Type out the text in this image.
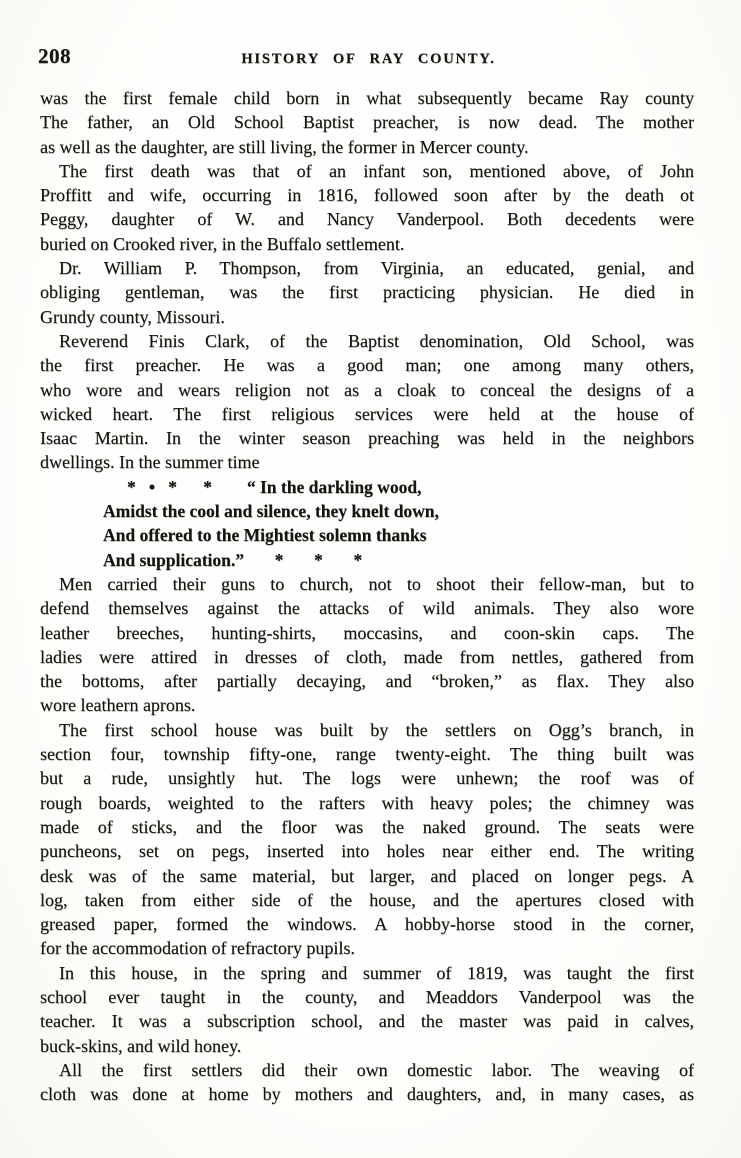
208	HISTORY OF RAY COUNTY.
was the first female child born in what subsequently became Ray county
The father, an Old School Baptist preacher, is now dead. The mother
as well as the daughter, are still living, the former in Mercer county.
The first death was that of an infant son, mentioned above, of John
Proffitt and wife, occurring in 1816, followed soon after by the death ot
Peggy, daughter of W. and Nancy Vanderpool. Both decedents were
buried on Crooked river, in the Buffalo settlement.
Dr. William P. Thompson, from Virginia, an educated, genial, and
obliging gentleman, was the first practicing physician. He died in
Grundy county, Missouri.
Reverend Finis Clark, of the Baptist denomination, Old School, was
the first preacher. He was a good man; one among many others,
who wore and wears religion not as a cloak to conceal the designs of a
wicked heart. The first religious services were held at the house of
Isaac Martin. In the winter season preaching was held in the neighbors
dwellings. In the summer time
*   •   *      *        “ In the darkling wood,
Amidst the cool and silence, they knelt down,
And offered to the Mightiest solemn thanks
And supplication.”       *       *       *
Men carried their guns to church, not to shoot their fellow-man, but to
defend themselves against the attacks of wild animals. They also wore
leather breeches, hunting-shirts, moccasins, and coon-skin caps. The
ladies were attired in dresses of cloth, made from nettles, gathered from
the bottoms, after partially decaying, and “broken,” as flax. They also
wore leathern aprons.
The first school house was built by the settlers on Ogg’s branch, in
section four, township fifty-one, range twenty-eight. The thing built was
but a rude, unsightly hut. The logs were unhewn; the roof was of
rough boards, weighted to the rafters with heavy poles; the chimney was
made of sticks, and the floor was the naked ground. The seats were
puncheons, set on pegs, inserted into holes near either end. The writing
desk was of the same material, but larger, and placed on longer pegs. A
log, taken from either side of the house, and the apertures closed with
greased paper, formed the windows. A hobby-horse stood in the corner,
for the accommodation of refractory pupils.
In this house, in the spring and summer of 1819, was taught the first
school ever taught in the county, and Meaddors Vanderpool was the
teacher. It was a subscription school, and the master was paid in calves,
buck-skins, and wild honey.
All the first settlers did their own domestic labor. The weaving of
cloth was done at home by mothers and daughters, and, in many cases, as
